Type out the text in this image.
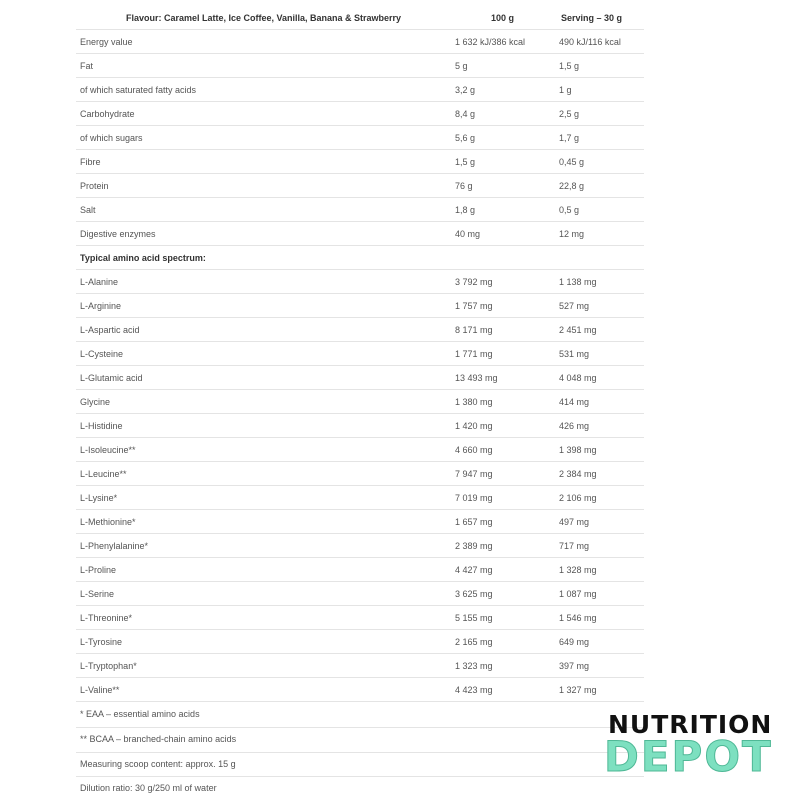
Flavour: Caramel Latte, Ice Coffee, Vanilla, Banana & Strawberry	100 g	Serving – 30 g
Energy value	1 632 kJ/386 kcal	490 kJ/116 kcal
Fat	5 g	1,5 g
of which saturated fatty acids	3,2 g	1 g
Carbohydrate	8,4 g	2,5 g
of which sugars	5,6 g	1,7 g
Fibre	1,5 g	0,45 g
Protein	76 g	22,8 g
Salt	1,8 g	0,5 g
Digestive enzymes	40 mg	12 mg
Typical amino acid spectrum:		
L-Alanine	3 792 mg	1 138 mg
L-Arginine	1 757 mg	527 mg
L-Aspartic acid	8 171 mg	2 451 mg
L-Cysteine	1 771 mg	531 mg
L-Glutamic acid	13 493 mg	4 048 mg
Glycine	1 380 mg	414 mg
L-Histidine	1 420 mg	426 mg
L-Isoleucine**	4 660 mg	1 398 mg
L-Leucine**	7 947 mg	2 384 mg
L-Lysine*	7 019 mg	2 106 mg
L-Methionine*	1 657 mg	497 mg
L-Phenylalanine*	2 389 mg	717 mg
L-Proline	4 427 mg	1 328 mg
L-Serine	3 625 mg	1 087 mg
L-Threonine*	5 155 mg	1 546 mg
L-Tyrosine	2 165 mg	649 mg
L-Tryptophan*	1 323 mg	397 mg
L-Valine**	4 423 mg	1 327 mg
* EAA – essential amino acids
** BCAA – branched-chain amino acids
Measuring scoop content: approx. 15 g
Dilution ratio: 30 g/250 ml of water
NUTRITION
DEPOT
